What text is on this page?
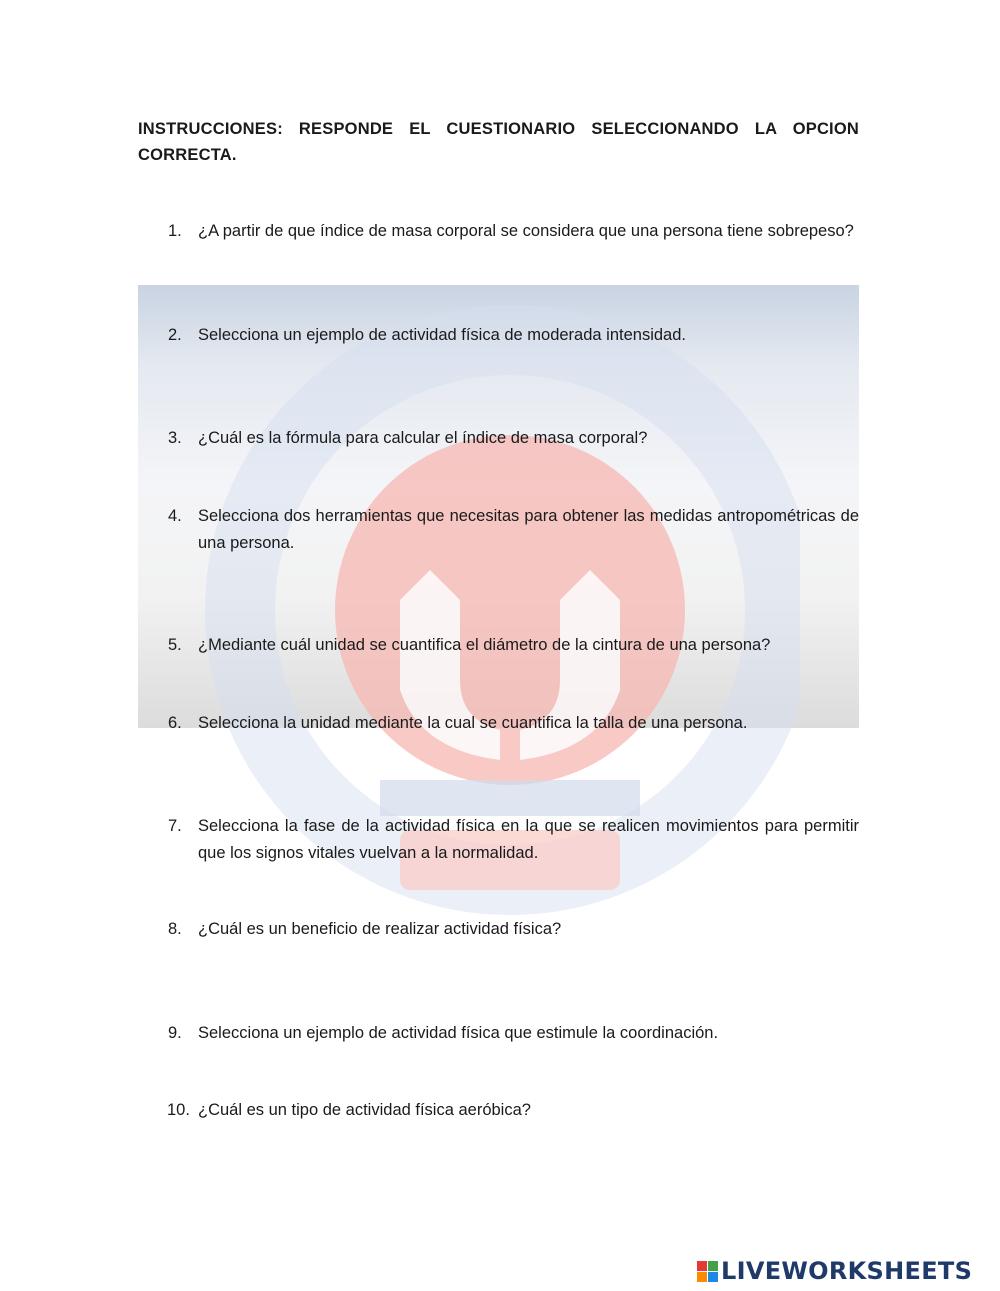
INSTRUCCIONES: RESPONDE EL CUESTIONARIO SELECCIONANDO LA OPCION CORRECTA.
1. ¿A partir de que índice de masa corporal se considera que una persona tiene sobrepeso?
2. Selecciona un ejemplo de actividad física de moderada intensidad.
3. ¿Cuál es la fórmula para calcular el índice de masa corporal?
4. Selecciona dos herramientas que necesitas para obtener las medidas antropométricas de una persona.
5. ¿Mediante cuál unidad se cuantifica el diámetro de la cintura de una persona?
6. Selecciona la unidad mediante la cual se cuantifica la talla de una persona.
7. Selecciona la fase de la actividad física en la que se realicen movimientos para permitir que los signos vitales vuelvan a la normalidad.
8. ¿Cuál es un beneficio de realizar actividad física?
9. Selecciona un ejemplo de actividad física que estimule la coordinación.
10. ¿Cuál es un tipo de actividad física aeróbica?
LIVEWORKSHEETS
